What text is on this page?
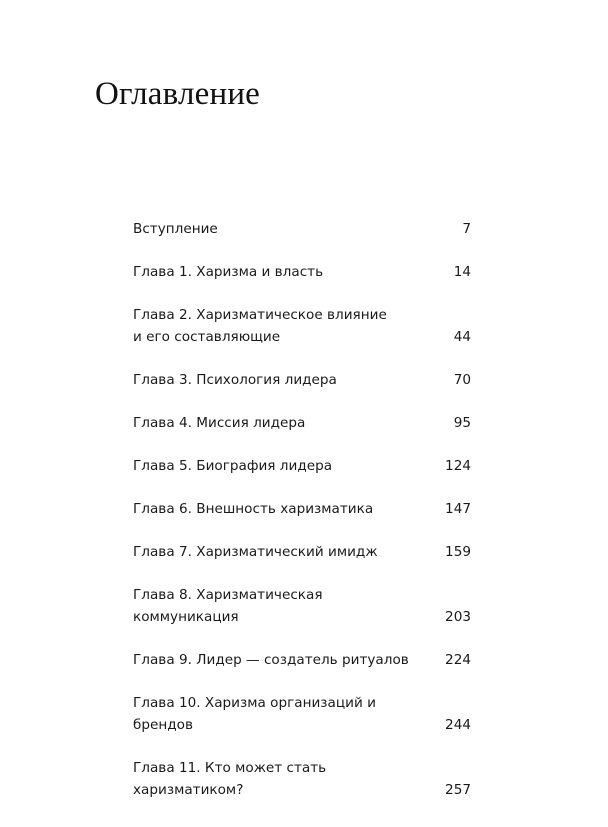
Оглавление
Вступление	7
Глава 1. Харизма и власть	14
Глава 2. Харизматическое влияние
и его составляющие	44
Глава 3. Психология лидера	70
Глава 4. Миссия лидера	95
Глава 5. Биография лидера	124
Глава 6. Внешность харизматика	147
Глава 7. Харизматический имидж	159
Глава 8. Харизматическая коммуникация	203
Глава 9. Лидер — создатель ритуалов	224
Глава 10. Харизма организаций и брендов	244
Глава 11. Кто может стать харизматиком?	257
